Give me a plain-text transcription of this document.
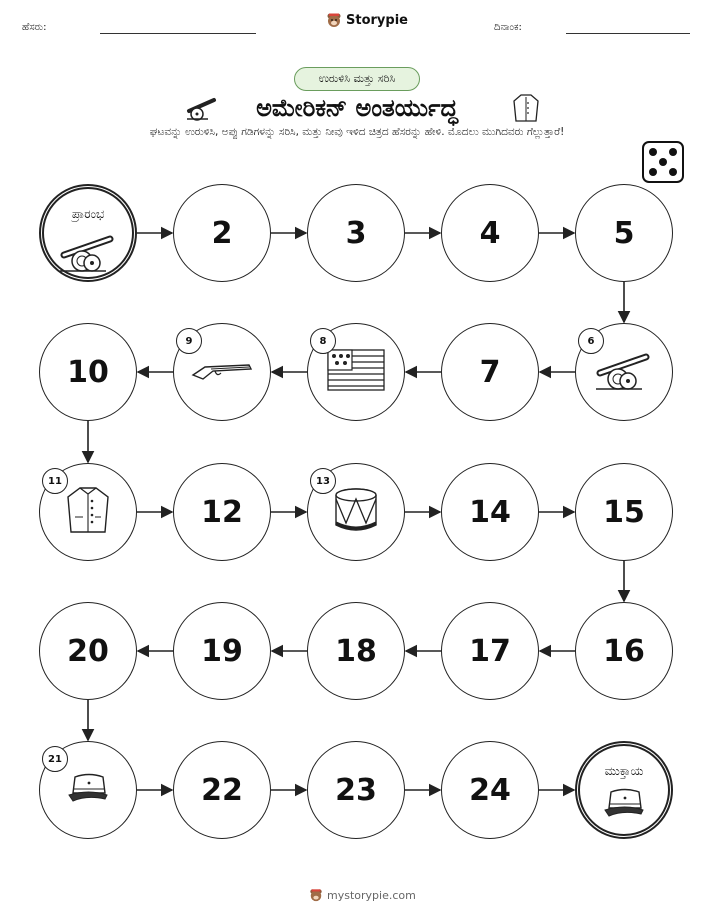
ಹೆಸರು:	ದಿನಾಂಕ:
Storypie
ಉರುಳಿಸಿ ಮತ್ತು ಸರಿಸಿ
ಅಮೇರಿಕನ್ ಅಂತರ್ಯುದ್ಧ
ಘಟವನ್ನು ಉರುಳಿಸಿ, ಅಪ್ಪು ಗಡಿಗಳನ್ನು ಸರಿಸಿ, ಮತ್ತು ನೀವು ಇಳಿದ ಚಿತ್ರದ ಹೆಸರನ್ನು ಹೇಳಿ. ಮೊದಲು ಮುಗಿದವರು ಗೆಲ್ಲುತ್ತಾರೆ!
ಪ್ರಾರಂಭ
2	3	4	5
6
7
8
9
10
11
12
13
14	15
16
17
18
19
20
21
22	23	24
ಮುಕ್ತಾಯ
mystorypie.com
